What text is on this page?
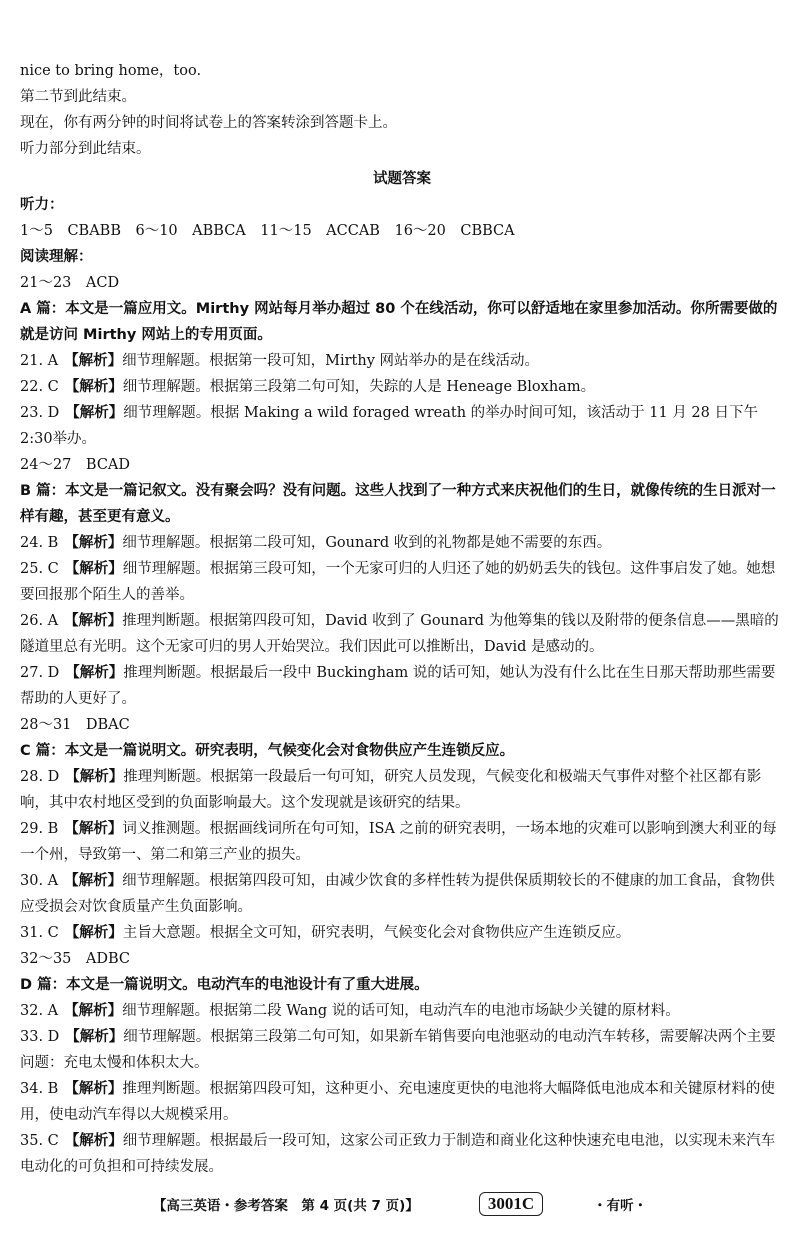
nice to bring home，too.
第二节到此结束。
现在，你有两分钟的时间将试卷上的答案转涂到答题卡上。
听力部分到此结束。
试题答案
听力：
1～5　CBABB　6～10　ABBCA　11～15　ACCAB　16～20　CBBCA
阅读理解：
21～23　ACD
A 篇：本文是一篇应用文。Mirthy 网站每月举办超过 80 个在线活动，你可以舒适地在家里参加活动。你所需要做的就是访问 Mirthy 网站上的专用页面。
21. A 【解析】细节理解题。根据第一段可知，Mirthy 网站举办的是在线活动。
22. C 【解析】细节理解题。根据第三段第二句可知，失踪的人是 Heneage Bloxham。
23. D 【解析】细节理解题。根据 Making a wild foraged wreath 的举办时间可知，该活动于 11 月 28 日下午 2:30举办。
24～27　BCAD
B 篇：本文是一篇记叙文。没有聚会吗？没有问题。这些人找到了一种方式来庆祝他们的生日，就像传统的生日派对一样有趣，甚至更有意义。
24. B 【解析】细节理解题。根据第二段可知，Gounard 收到的礼物都是她不需要的东西。
25. C 【解析】细节理解题。根据第三段可知，一个无家可归的人归还了她的奶奶丢失的钱包。这件事启发了她。她想要回报那个陌生人的善举。
26. A 【解析】推理判断题。根据第四段可知，David 收到了 Gounard 为他筹集的钱以及附带的便条信息——黑暗的隧道里总有光明。这个无家可归的男人开始哭泣。我们因此可以推断出，David 是感动的。
27. D 【解析】推理判断题。根据最后一段中 Buckingham 说的话可知，她认为没有什么比在生日那天帮助那些需要帮助的人更好了。
28～31　DBAC
C 篇：本文是一篇说明文。研究表明，气候变化会对食物供应产生连锁反应。
28. D 【解析】推理判断题。根据第一段最后一句可知，研究人员发现，气候变化和极端天气事件对整个社区都有影响，其中农村地区受到的负面影响最大。这个发现就是该研究的结果。
29. B 【解析】词义推测题。根据画线词所在句可知，ISA 之前的研究表明，一场本地的灾难可以影响到澳大利亚的每一个州，导致第一、第二和第三产业的损失。
30. A 【解析】细节理解题。根据第四段可知，由减少饮食的多样性转为提供保质期较长的不健康的加工食品，食物供应受损会对饮食质量产生负面影响。
31. C 【解析】主旨大意题。根据全文可知，研究表明，气候变化会对食物供应产生连锁反应。
32～35　ADBC
D 篇：本文是一篇说明文。电动汽车的电池设计有了重大进展。
32. A 【解析】细节理解题。根据第二段 Wang 说的话可知，电动汽车的电池市场缺少关键的原材料。
33. D 【解析】细节理解题。根据第三段第二句可知，如果新车销售要向电池驱动的电动汽车转移，需要解决两个主要问题：充电太慢和体积太大。
34. B 【解析】推理判断题。根据第四段可知，这种更小、充电速度更快的电池将大幅降低电池成本和关键原材料的使用，使电动汽车得以大规模采用。
35. C 【解析】细节理解题。根据最后一段可知，这家公司正致力于制造和商业化这种快速充电电池，以实现未来汽车电动化的可负担和可持续发展。
【高三英语・参考答案　第 4 页(共 7 页)】	3001C	・有听・
